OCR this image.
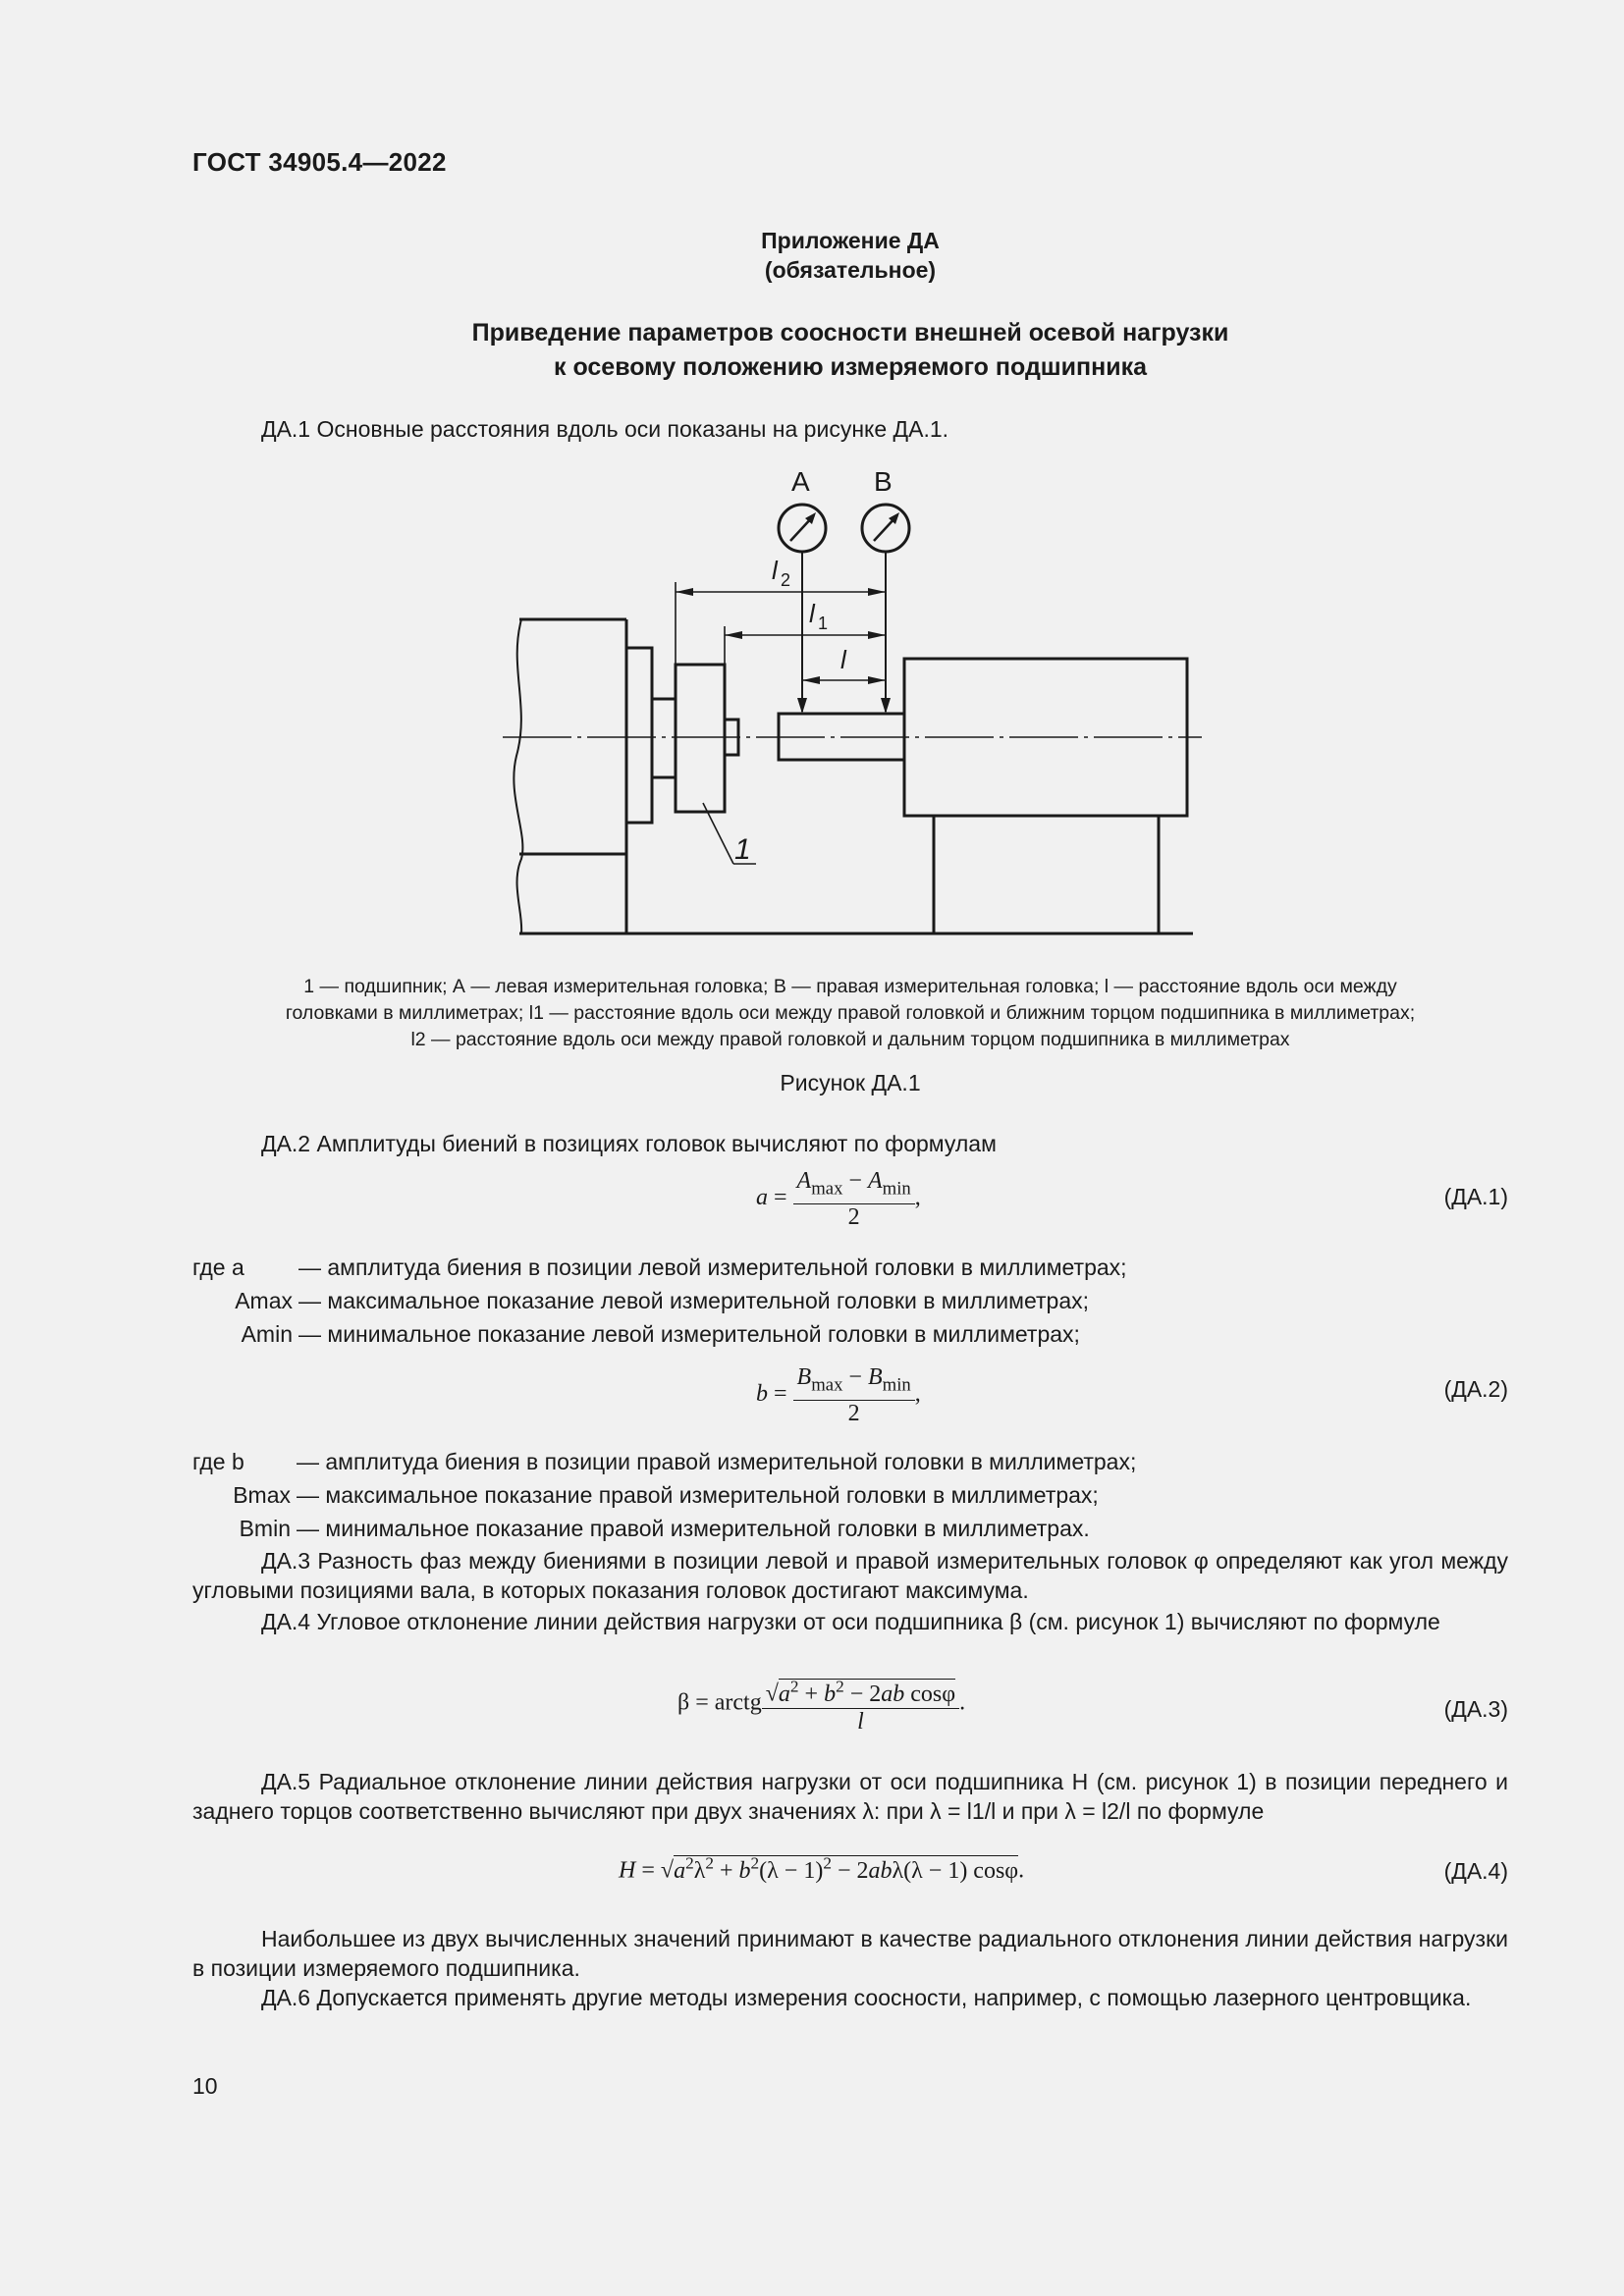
ГОСТ 34905.4—2022
Приложение ДА
(обязательное)
Приведение параметров соосности внешней осевой нагрузки
к осевому положению измеряемого подшипника
ДА.1 Основные расстояния вдоль оси показаны на рисунке ДА.1.
А В
l 2
l 1
l
1
1 — подшипник; А — левая измерительная головка; В — правая измерительная головка; l — расстояние вдоль оси между
головками в миллиметрах; l1 — расстояние вдоль оси между правой головкой и ближним торцом подшипника в миллиметрах;
l2 — расстояние вдоль оси между правой головкой и дальним торцом подшипника в миллиметрах
Рисунок ДА.1
ДА.2 Амплитуды биений в позициях головок вычисляют по формулам
$a = \frac{A_{max} - A_{min}}{2}$ ,	(ДА.1)
где a	— амплитуда биения в позиции левой измерительной головки в миллиметрах;
Amax — максимальное показание левой измерительной головки в миллиметрах;
Amin — минимальное показание левой измерительной головки в миллиметрах;
$b = \frac{B_{max} - B_{min}}{2}$ ,	(ДА.2)
где b	— амплитуда биения в позиции правой измерительной головки в миллиметрах;
Bmax — максимальное показание правой измерительной головки в миллиметрах;
Bmin — минимальное показание правой измерительной головки в миллиметрах.
ДА.3 Разность фаз между биениями в позиции левой и правой измерительных головок φ определяют как угол между угловыми позициями вала, в которых показания головок достигают максимума.
ДА.4 Угловое отклонение линии действия нагрузки от оси подшипника β (см. рисунок 1) вычисляют по формуле
β = arctg $\frac{√a^2 + b^2 - 2ab \cos\varphi}{l}$ .	(ДА.3)
ДА.5 Радиальное отклонение линии действия нагрузки от оси подшипника H (см. рисунок 1) в позиции переднего и заднего торцов соответственно вычисляют при двух значениях λ: при λ = l1/l и при λ = l2/l по формуле
$H = √a^2\lambda^2 + b^2(\lambda - 1)^2 - 2ab\lambda(\lambda - 1)$ cosφ.	(ДА.4)
Наибольшее из двух вычисленных значений принимают в качестве радиального отклонения линии действия нагрузки в позиции измеряемого подшипника.
ДА.6 Допускается применять другие методы измерения соосности, например, с помощью лазерного центровщика.
10
